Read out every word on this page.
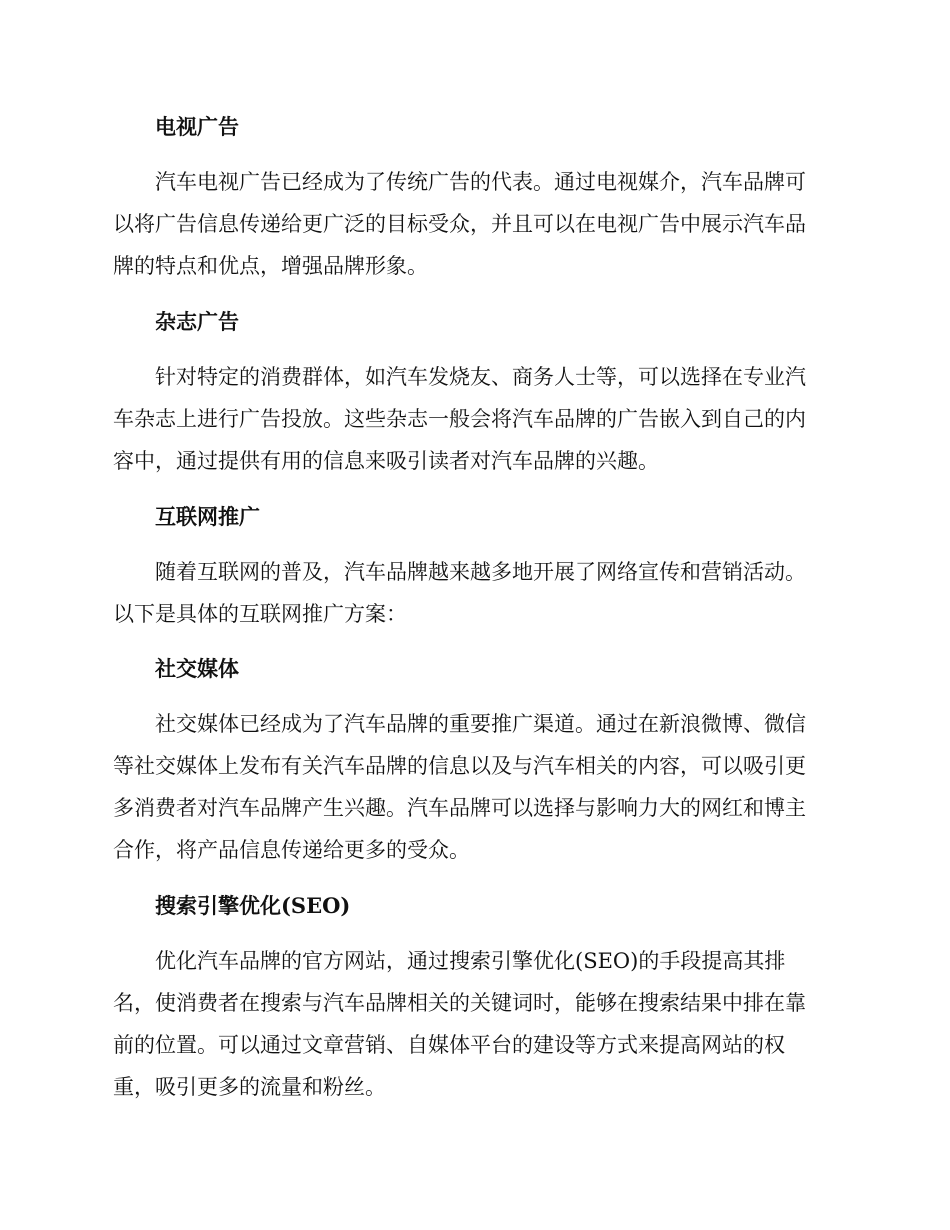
电视广告
汽车电视广告已经成为了传统广告的代表。通过电视媒介，汽车品牌可
以将广告信息传递给更广泛的目标受众，并且可以在电视广告中展示汽车品
牌的特点和优点，增强品牌形象。
杂志广告
针对特定的消费群体，如汽车发烧友、商务人士等，可以选择在专业汽
车杂志上进行广告投放。这些杂志一般会将汽车品牌的广告嵌入到自己的内
容中，通过提供有用的信息来吸引读者对汽车品牌的兴趣。
互联网推广
随着互联网的普及，汽车品牌越来越多地开展了网络宣传和营销活动。
以下是具体的互联网推广方案：
社交媒体
社交媒体已经成为了汽车品牌的重要推广渠道。通过在新浪微博、微信
等社交媒体上发布有关汽车品牌的信息以及与汽车相关的内容，可以吸引更
多消费者对汽车品牌产生兴趣。汽车品牌可以选择与影响力大的网红和博主
合作，将产品信息传递给更多的受众。
搜索引擎优化(SEO)
优化汽车品牌的官方网站，通过搜索引擎优化(SEO)的手段提高其排
名，使消费者在搜索与汽车品牌相关的关键词时，能够在搜索结果中排在靠
前的位置。可以通过文章营销、自媒体平台的建设等方式来提高网站的权
重，吸引更多的流量和粉丝。
